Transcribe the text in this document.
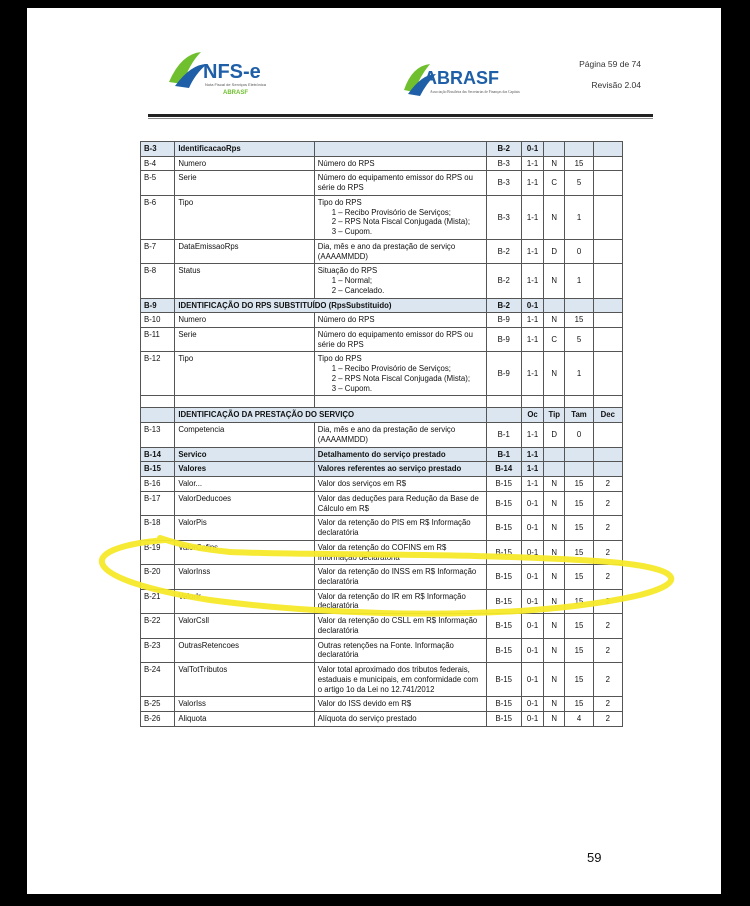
NFS-e
Nota Fiscal de Serviços Eletrônica
ABRASF
ABRASF
Associação Brasileira das Secretarias de Finanças das Capitais
Página 59 de 74
Revisão 2.04
B-3	IdentificacaoRps		B-2	0-1			
B-4	Numero	Número do RPS	B-3	1-1	N	15	
B-5	Serie	Número do equipamento emissor do RPS ou série do RPS	B-3	1-1	C	5	
B-6	Tipo	Tipo do RPS
1 – Recibo Provisório de Serviços;
2 – RPS Nota Fiscal Conjugada (Mista);
3 – Cupom.	B-3	1-1	N	1	
B-7	DataEmissaoRps	Dia, mês e ano da prestação de serviço (AAAAMMDD)	B-2	1-1	D	0	
B-8	Status	Situação do RPS
1 – Normal;
2 – Cancelado.	B-2	1-1	N	1	
B-9	IDENTIFICAÇÃO DO RPS SUBSTITUÍDO (RpsSubstituido)		B-2	0-1			
B-10	Numero	Número do RPS	B-9	1-1	N	15	
B-11	Serie	Número do equipamento emissor do RPS ou série do RPS	B-9	1-1	C	5	
B-12	Tipo	Tipo do RPS
1 – Recibo Provisório de Serviços;
2 – RPS Nota Fiscal Conjugada (Mista);
3 – Cupom.	B-9	1-1	N	1	

	IDENTIFICAÇÃO DA PRESTAÇÃO DO SERVIÇO			Oc	Tip	Tam	Dec
B-13	Competencia	Dia, mês e ano da prestação de serviço (AAAAMMDD)	B-1	1-1	D	0	
B-14	Servico	Detalhamento do serviço prestado	B-1	1-1			
B-15	Valores	Valores referentes ao serviço prestado	B-14	1-1			
B-16	Valor...	Valor dos serviços em R$	B-15	1-1	N	15	2
B-17	ValorDeducoes	Valor das deduções para Redução da Base de Cálculo em R$	B-15	0-1	N	15	2
B-18	ValorPis	Valor da retenção do PIS em R$ Informação declaratória	B-15	0-1	N	15	2
B-19	ValorCofins	Valor da retenção do COFINS em R$ Informação declaratória	B-15	0-1	N	15	2
B-20	ValorInss	Valor da retenção do INSS em R$ Informação declaratória	B-15	0-1	N	15	2
B-21	ValorIr	Valor da retenção do IR em R$ Informação declaratória	B-15	0-1	N	15	2
B-22	ValorCsll	Valor da retenção do CSLL em R$ Informação declaratória	B-15	0-1	N	15	2
B-23	OutrasRetencoes	Outras retenções na Fonte. Informação declaratória	B-15	0-1	N	15	2
B-24	ValTotTributos	Valor total aproximado dos tributos federais, estaduais e municipais, em conformidade com o artigo 1o da Lei no 12.741/2012	B-15	0-1	N	15	2
B-25	ValorIss	Valor do ISS devido em R$	B-15	0-1	N	15	2
B-26	Aliquota	Alíquota do serviço prestado	B-15	0-1	N	4	2
59
